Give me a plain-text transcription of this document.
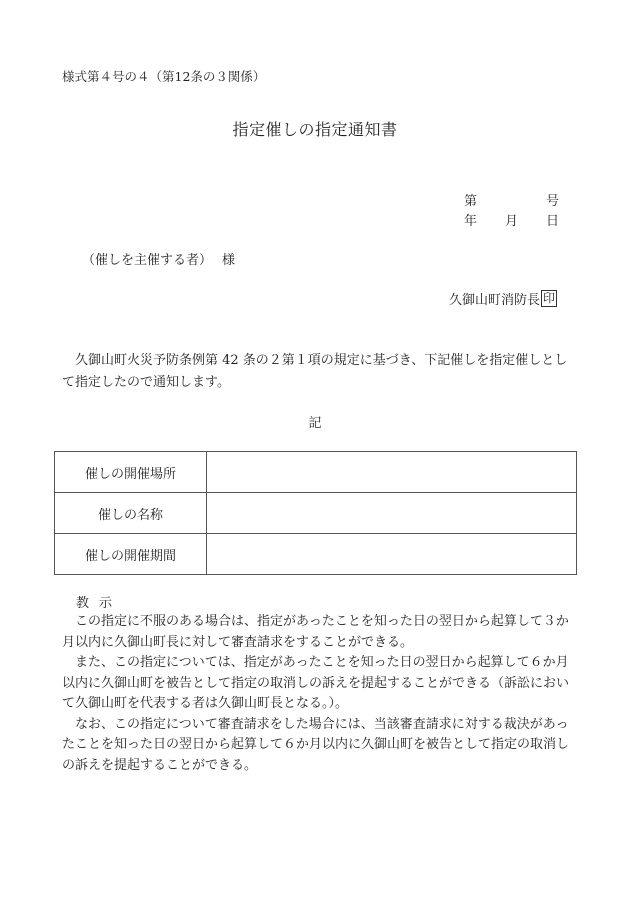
様式第４号の４（第12条の３関係）
指定催しの指定通知書
第	号
年 月 日
（催しを主催する者） 様
久御山町消防長 印
久御山町火災予防条例第 42 条の２第１項の規定に基づき、下記催しを指定催しとして指定したので通知します。
記
催しの開催場所	
催しの名称	
催しの開催期間	
教示

この指定に不服のある場合は、指定があったことを知った日の翌日から起算して３か月以内に久御山町長に対して審査請求をすることができる。

また、この指定については、指定があったことを知った日の翌日から起算して６か月以内に久御山町を被告として指定の取消しの訴えを提起することができる（訴訟において久御山町を代表する者は久御山町長となる。）。

なお、この指定について審査請求をした場合には、当該審査請求に対する裁決があったことを知った日の翌日から起算して６か月以内に久御山町を被告として指定の取消しの訴えを提起することができる。
